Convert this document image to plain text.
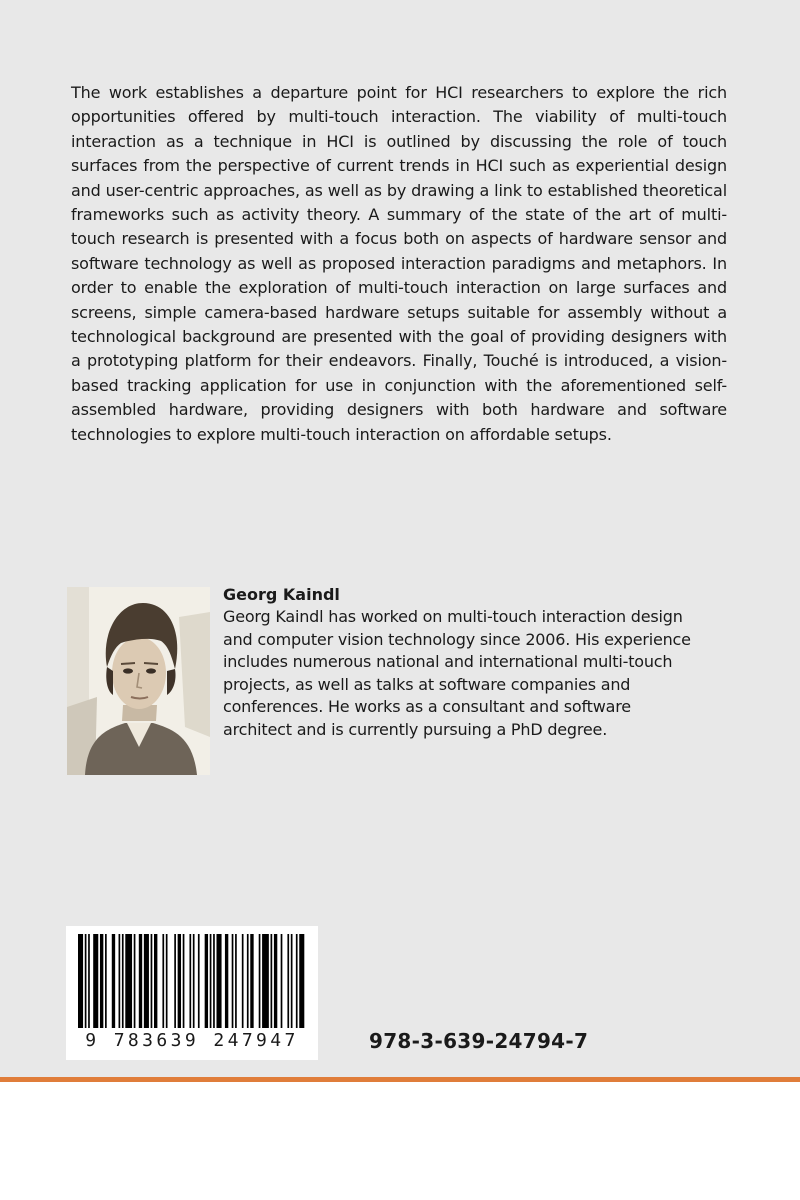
The work establishes a departure point for HCI researchers to explore the rich opportunities offered by multi-touch interaction. The viability of multi-touch interaction as a technique in HCI is outlined by discussing the role of touch surfaces from the perspective of current trends in HCI such as experiential design and user-centric approaches, as well as by drawing a link to established theoretical frameworks such as activity theory. A summary of the state of the art of multi-touch research is presented with a focus both on aspects of hardware sensor and software technology as well as proposed interaction paradigms and metaphors. In order to enable the exploration of multi-touch interaction on large surfaces and screens, simple camera-based hardware setups suitable for assembly without a technological background are presented with the goal of providing designers with a prototyping platform for their endeavors. Finally, Touché is introduced, a vision-based tracking application for use in conjunction with the aforementioned self-assembled hardware, providing designers with both hardware and software technologies to explore multi-touch interaction on affordable setups.

Georg Kaindl

Georg Kaindl has worked on multi-touch interaction design
and computer vision technology since 2006. His experience
includes numerous national and international multi-touch
projects, as well as talks at software companies and
conferences. He works as a consultant and software
architect and is currently pursuing a PhD degree.

9 783639 247947	978-3-639-24794-7
